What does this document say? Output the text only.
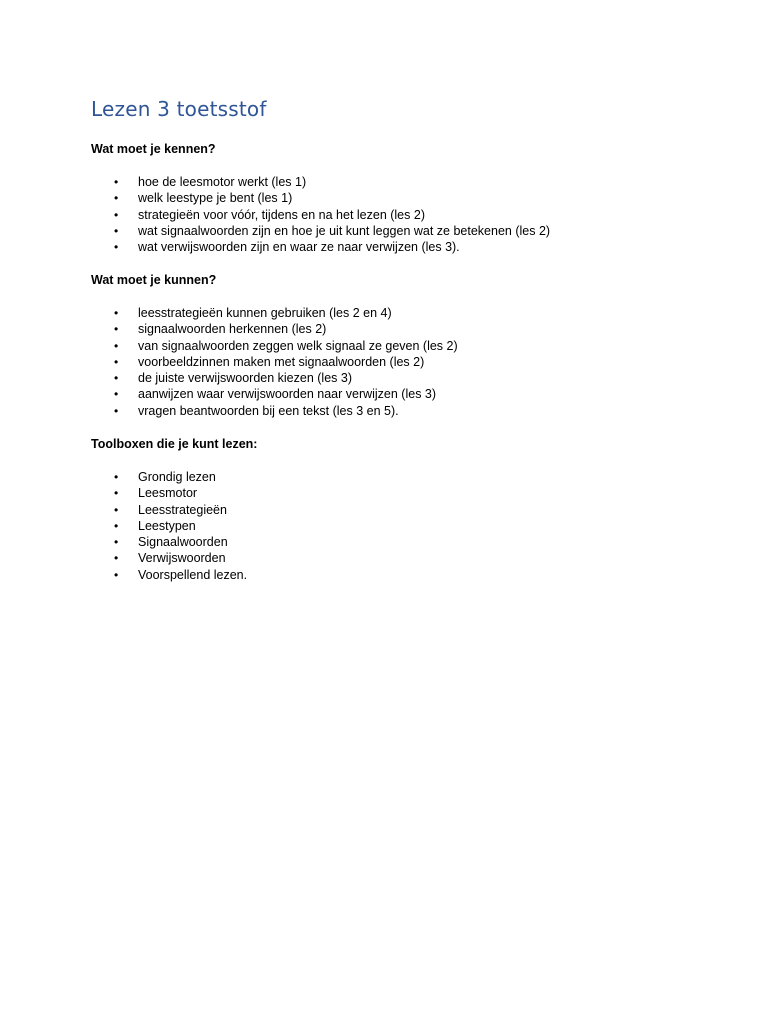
Lezen 3 toetsstof

Wat moet je kennen?

• hoe de leesmotor werkt (les 1)
• welk leestype je bent (les 1)
• strategieën voor vóór, tijdens en na het lezen (les 2)
• wat signaalwoorden zijn en hoe je uit kunt leggen wat ze betekenen (les 2)
• wat verwijswoorden zijn en waar ze naar verwijzen (les 3).

Wat moet je kunnen?

• leesstrategieën kunnen gebruiken (les 2 en 4)
• signaalwoorden herkennen (les 2)
• van signaalwoorden zeggen welk signaal ze geven (les 2)
• voorbeeldzinnen maken met signaalwoorden (les 2)
• de juiste verwijswoorden kiezen (les 3)
• aanwijzen waar verwijswoorden naar verwijzen (les 3)
• vragen beantwoorden bij een tekst (les 3 en 5).

Toolboxen die je kunt lezen:

• Grondig lezen
• Leesmotor
• Leesstrategieën
• Leestypen
• Signaalwoorden
• Verwijswoorden
• Voorspellend lezen.
